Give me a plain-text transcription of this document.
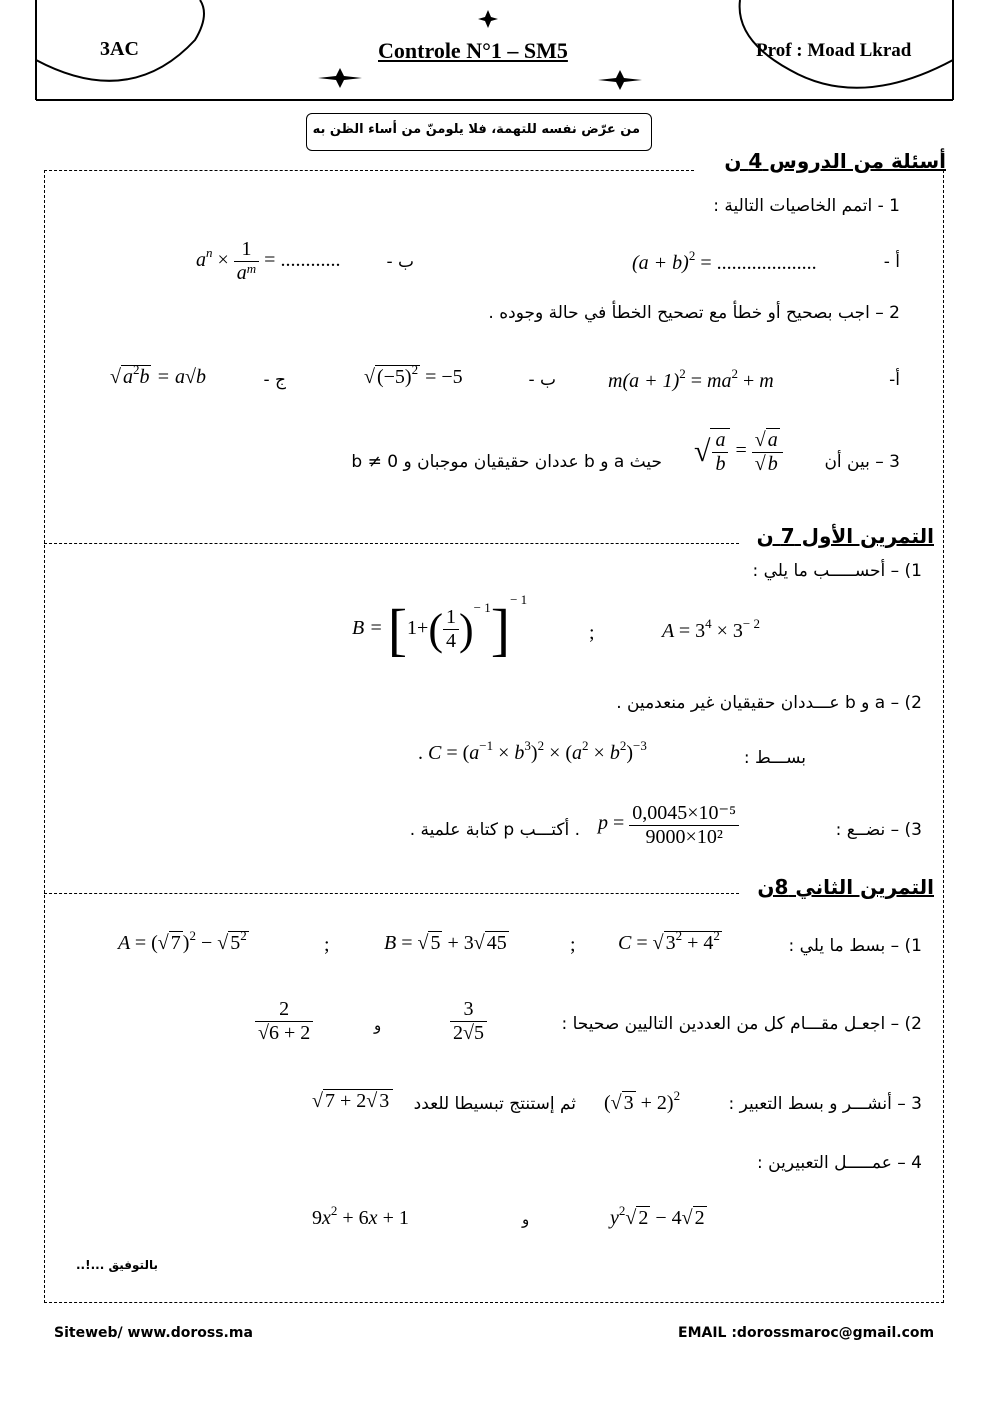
3AC	Controle N°1 – SM5	Prof : Moad Lkrad
من عرّض نفسه للتهمة، فلا يلومنّ من أساء الظن به
أسئلة من الدروس 4 ن
1 - اتمم الخاصيات التالية :
أ -
$(a + b)^2$ = ....................
ب -
$a^n \times \frac{1}{a^m}$ = ............
2 – اجب بصحيح أو خطأ مع تصحيح الخطأ في حالة وجوده .
أ-
$m(a + 1)^2 = ma^2 + m$
ب -
√ $(-5)^2 = -5$
ج -
√ $a^2b = a√b$
3 – بين أن
√ $\frac{a}{b} = \frac{√ a}{√ b}$
حيث a و b عددان حقيقيان موجبان و b ≠ 0
التمرين الأول 7 ن
1) – أحســـــب ما يلي :
$A = 3^4 \times 3^{- 2}$
;
$B = [1+( \frac{1}{4} )^{- 1}]^{- 1}$
2) – a و b عـــددان حقيقيان غير منعدمين .
بســـط :
. $C = (a^{-1} \times b^3)^2 \times (a^2 \times b^2)^{-3}$
3) – نضــع :
$p = \frac{\text{0,0045×10⁻⁵}}{\text{9000×10²}}$
. أكتـــب p كتابة علمية .
التمرين الثاني 8ن
1) – بسط ما يلي :
C = √ $3^2 + 4^2$
;
B = √ 5 + 3√ 45
;
A = (√ 7 )$^2$ − √ $5^2$
2) – اجعـل مقـــام كل من العددين التاليين صحيحا :
$\frac{3}{2√5}$
و
$\frac{2}{√6 + 2}$
3 – أنشـــر و بسط التعبير :
(√ 3 + 2)$^2$
ثم إستنتج تبسيطا للعدد
√ 7 + 2√ 3
4 – عمـــــل التعبيرين :
$y^2√$ 2 − 4√ 2
و
$9x^2 + 6x + 1$
بالتوفيق ...!..
Siteweb/ www.doross.ma	EMAIL :dorossmaroc@gmail.com
